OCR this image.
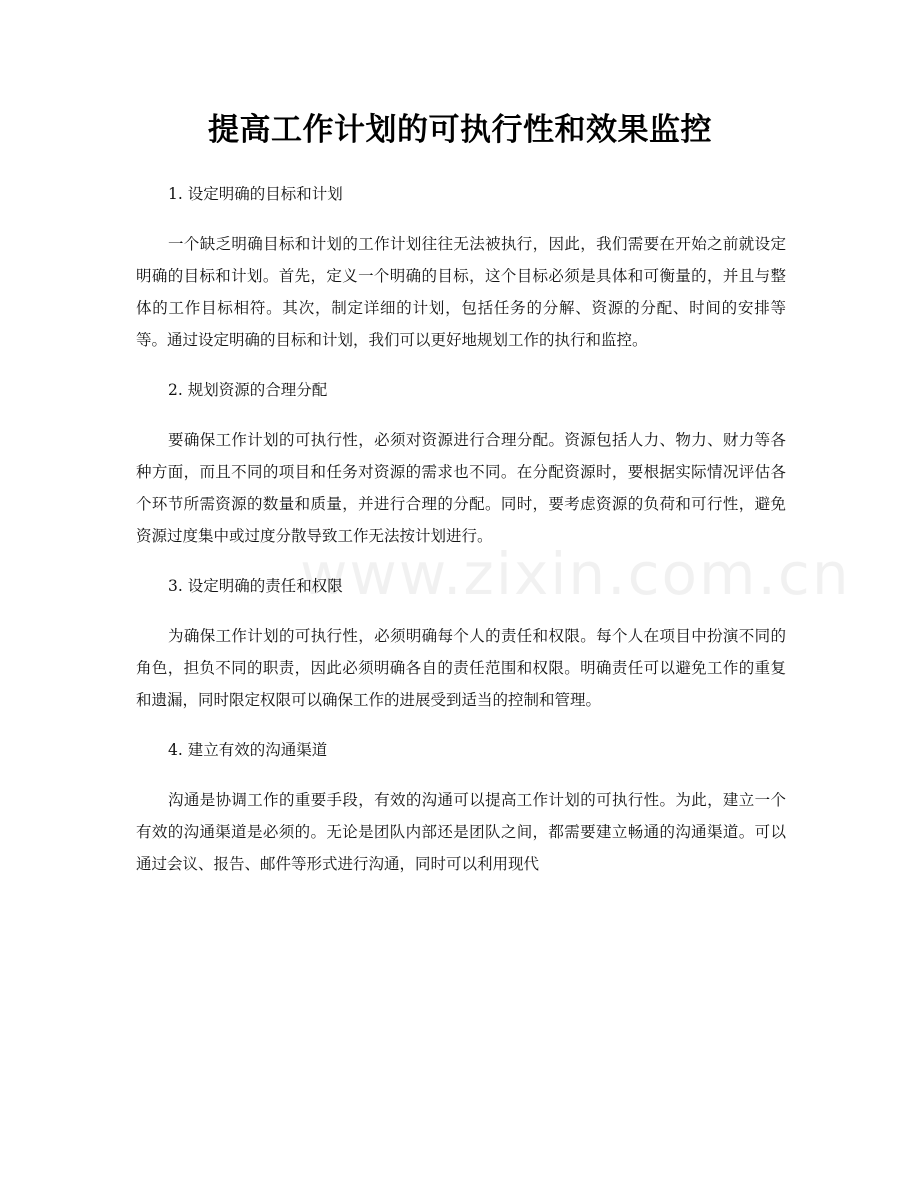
www.zixin.com.cn
提高工作计划的可执行性和效果监控
1. 设定明确的目标和计划
一个缺乏明确目标和计划的工作计划往往无法被执行，因此，我们需要在开始之前就设定明确的目标和计划。首先，定义一个明确的目标，这个目标必须是具体和可衡量的，并且与整体的工作目标相符。其次，制定详细的计划，包括任务的分解、资源的分配、时间的安排等等。通过设定明确的目标和计划，我们可以更好地规划工作的执行和监控。
2. 规划资源的合理分配
要确保工作计划的可执行性，必须对资源进行合理分配。资源包括人力、物力、财力等各种方面，而且不同的项目和任务对资源的需求也不同。在分配资源时，要根据实际情况评估各个环节所需资源的数量和质量，并进行合理的分配。同时，要考虑资源的负荷和可行性，避免资源过度集中或过度分散导致工作无法按计划进行。
3. 设定明确的责任和权限
为确保工作计划的可执行性，必须明确每个人的责任和权限。每个人在项目中扮演不同的角色，担负不同的职责，因此必须明确各自的责任范围和权限。明确责任可以避免工作的重复和遗漏，同时限定权限可以确保工作的进展受到适当的控制和管理。
4. 建立有效的沟通渠道
沟通是协调工作的重要手段，有效的沟通可以提高工作计划的可执行性。为此，建立一个有效的沟通渠道是必须的。无论是团队内部还是团队之间，都需要建立畅通的沟通渠道。可以通过会议、报告、邮件等形式进行沟通，同时可以利用现代
